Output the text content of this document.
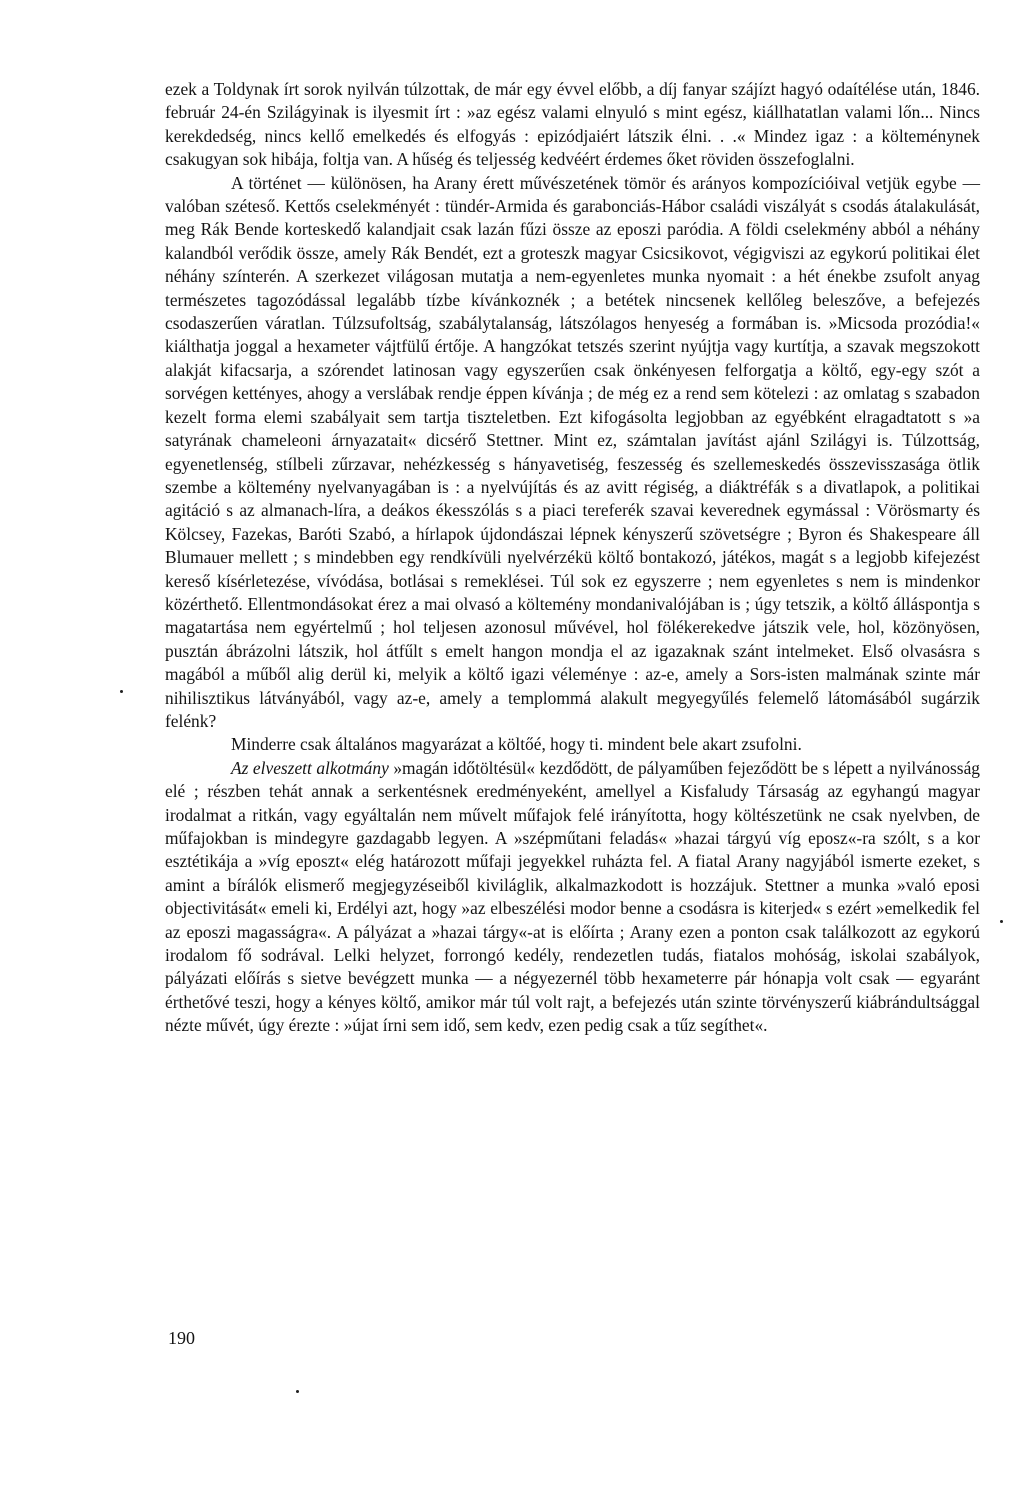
ezek a Toldynak írt sorok nyilván túlzottak, de már egy évvel előbb, a díj fanyar szájízt hagyó odaítélése után, 1846. február 24-én Szilágyinak is ilyesmit írt : »az egész valami elnyuló s mint egész, kiállhatatlan valami lőn... Nincs kerekdedség, nincs kellő emelkedés és elfogyás : epizódjaiért látszik élni. . .« Mindez igaz : a költeménynek csakugyan sok hibája, foltja van. A hűség és teljesség kedvéért érdemes őket röviden összefoglalni.

A történet — különösen, ha Arany érett művészetének tömör és arányos kompozícióival vetjük egybe — valóban széteső. Kettős cselekményét : tündér-Armida és garabonciás-Hábor családi viszályát s csodás átalakulását, meg Rák Bende korteskedő kalandjait csak lazán fűzi össze az eposzi paródia. A földi cselekmény abból a néhány kalandból verődik össze, amely Rák Bendét, ezt a groteszk magyar Csicsikovot, végigviszi az egykorú politikai élet néhány színterén. A szerkezet világosan mutatja a nem-egyenletes munka nyomait : a hét énekbe zsufolt anyag természetes tagozódással legalább tízbe kívánkoznék ; a betétek nincsenek kellőleg beleszőve, a befejezés csodaszerűen váratlan. Túlzsufoltság, szabálytalanság, látszólagos henyeség a formában is. »Micsoda prozódia!« kiálthatja joggal a hexameter vájtfülű értője. A hangzókat tetszés szerint nyújtja vagy kurtítja, a szavak megszokott alakját kifacsarja, a szórendet latinosan vagy egyszerűen csak önkényesen felforgatja a költő, egy-egy szót a sorvégen kettényes, ahogy a verslábak rendje éppen kívánja ; de még ez a rend sem kötelezi : az omlatag s szabadon kezelt forma elemi szabályait sem tartja tiszteletben. Ezt kifogásolta legjobban az egyébként elragadtatott s »a satyrának chameleoni árnyazatait« dicsérő Stettner. Mint ez, számtalan javítást ajánl Szilágyi is. Túlzottság, egyenetlenség, stílbeli zűrzavar, nehézkesség s hányavetiség, feszesség és szellemeskedés összevisszasága ötlik szembe a költemény nyelvanyagában is : a nyelvújítás és az avitt régiség, a diáktréfák s a divatlapok, a politikai agitáció s az almanach-líra, a deákos ékesszólás s a piaci tereferék szavai keverednek egymással : Vörösmarty és Kölcsey, Fazekas, Baróti Szabó, a hírlapok újdondászai lépnek kényszerű szövetségre ; Byron és Shakespeare áll Blumauer mellett ; s mindebben egy rendkívüli nyelvérzékü költő bontakozó, játékos, magát s a legjobb kifejezést kereső kísérletezése, vívódása, botlásai s remeklései. Túl sok ez egyszerre ; nem egyenletes s nem is mindenkor közérthető. Ellentmondásokat érez a mai olvasó a költemény mondanivalójában is ; úgy tetszik, a költő álláspontja s magatartása nem egyértelmű ; hol teljesen azonosul művével, hol fölékerekedve játszik vele, hol, közönyösen, pusztán ábrázolni látszik, hol átfűlt s emelt hangon mondja el az igazaknak szánt intelmeket. Első olvasásra s magából a műből alig derül ki, melyik a költő igazi véleménye : az-e, amely a Sors-isten malmának szinte már nihilisztikus látványából, vagy az-e, amely a templommá alakult megyegyűlés felemelő látomásából sugárzik felénk?

Minderre csak általános magyarázat a költőé, hogy ti. mindent bele akart zsufolni.

Az elveszett alkotmány »magán időtöltésül« kezdődött, de pályaműben fejeződött be s lépett a nyilvánosság elé ; részben tehát annak a serkentésnek eredményeként, amellyel a Kisfaludy Társaság az egyhangú magyar irodalmat a ritkán, vagy egyáltalán nem művelt műfajok felé irányította, hogy költészetünk ne csak nyelvben, de műfajokban is mindegyre gazdagabb legyen. A »szépműtani feladás« »hazai tárgyú víg eposz«-ra szólt, s a kor esztétikája a »víg eposzt« elég határozott műfaji jegyekkel ruházta fel. A fiatal Arany nagyjából ismerte ezeket, s amint a bírálók elismerő megjegyzéseiből kiviláglik, alkalmazkodott is hozzájuk. Stettner a munka »való eposi objectivitását« emeli ki, Erdélyi azt, hogy »az elbeszélési modor benne a csodásra is kiterjed« s ezért »emelkedik fel az eposzi magasságra«. A pályázat a »hazai tárgy«-at is előírta ; Arany ezen a ponton csak találkozott az egykorú irodalom fő sodrával. Lelki helyzet, forrongó kedély, rendezetlen tudás, fiatalos mohóság, iskolai szabályok, pályázati előírás s sietve bevégzett munka — a négyezernél több hexameterre pár hónapja volt csak — egyaránt érthetővé teszi, hogy a kényes költő, amikor már túl volt rajt, a befejezés után szinte törvényszerű kiábrándultsággal nézte művét, úgy érezte : »újat írni sem idő, sem kedv, ezen pedig csak a tűz segíthet«.

190
